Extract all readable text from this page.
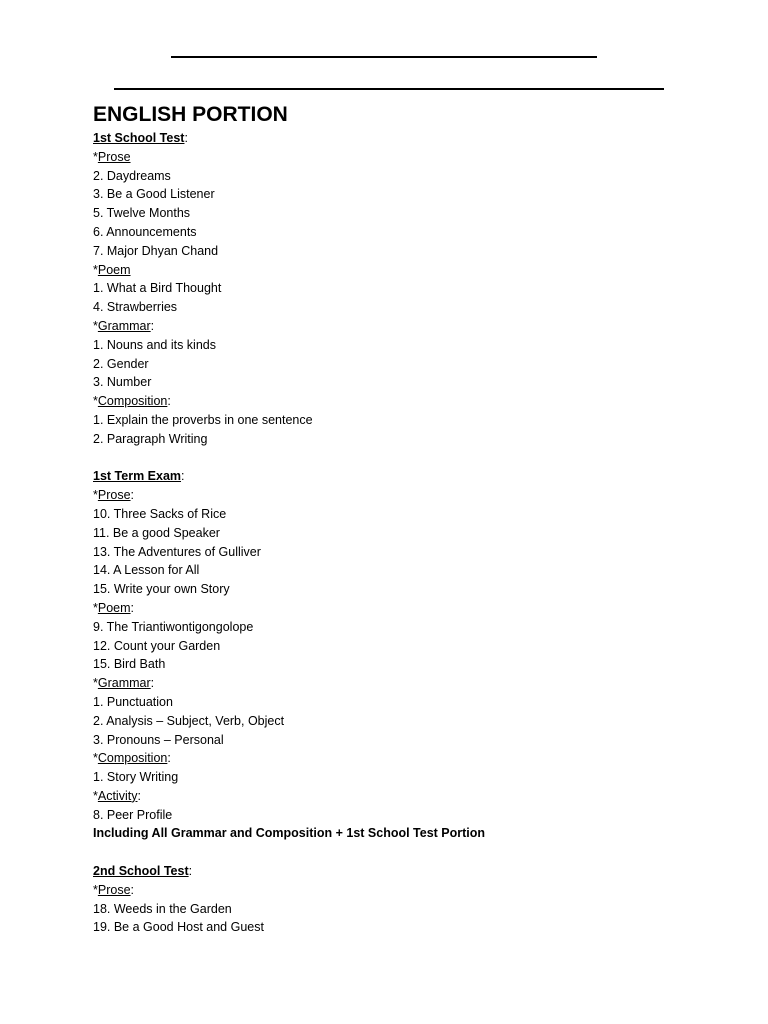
ENGLISH PORTION
1st School Test:
*Prose
2. Daydreams
3. Be a Good Listener
5. Twelve Months
6. Announcements
7. Major Dhyan Chand
*Poem
1. What a Bird Thought
4. Strawberries
*Grammar:
1. Nouns and its kinds
2. Gender
3. Number
*Composition:
1. Explain the proverbs in one sentence
2. Paragraph Writing
1st Term Exam:
*Prose:
10. Three Sacks of Rice
11. Be a good Speaker
13. The Adventures of Gulliver
14. A Lesson for All
15. Write your own Story
*Poem:
9. The Triantiwontigongolope
12. Count your Garden
15. Bird Bath
*Grammar:
1. Punctuation
2. Analysis – Subject, Verb, Object
3. Pronouns – Personal
*Composition:
1. Story Writing
*Activity:
8. Peer Profile
Including All Grammar and Composition + 1st School Test Portion
2nd School Test:
*Prose:
18. Weeds in the Garden
19. Be a Good Host and Guest
